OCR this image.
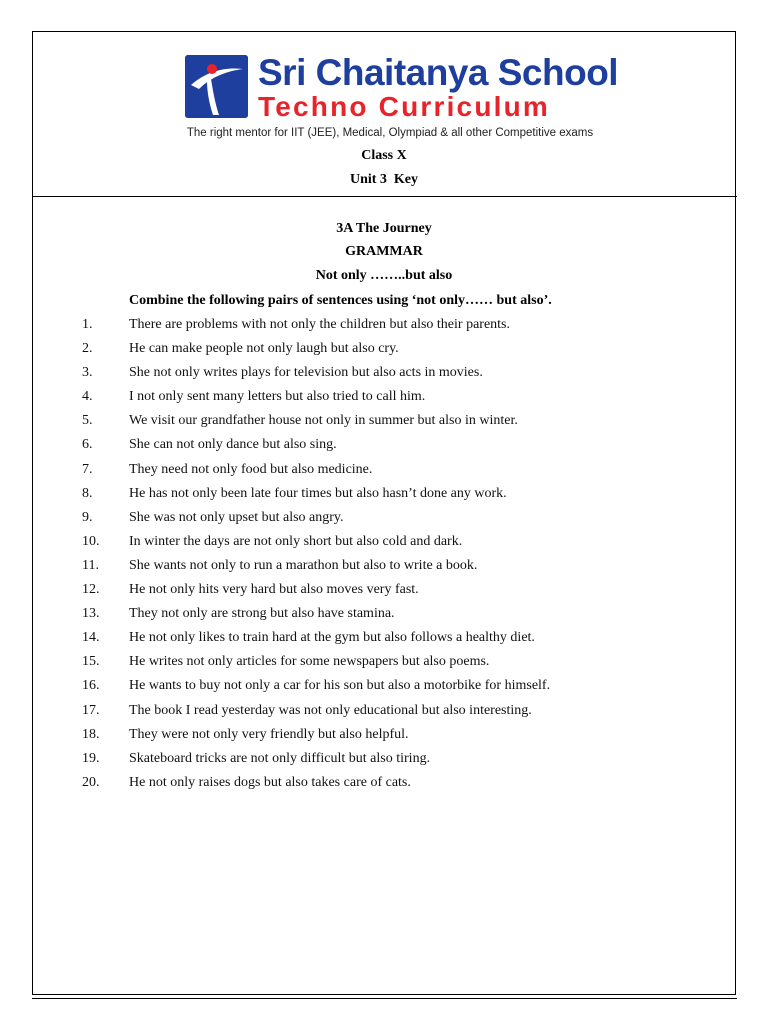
Sri Chaitanya School
Techno Curriculum
The right mentor for IIT (JEE), Medical, Olympiad & all other Competitive exams
Class X
Unit 3  Key
3A The Journey
GRAMMAR
Not only ……..but also
Combine the following pairs of sentences using ‘not only…… but also’.
1.	There are problems with not only the children but also their parents.
2.	He can make people not only laugh but also cry.
3.	She not only writes plays for television but also acts in movies.
4.	I not only sent many letters but also tried to call him.
5.	We visit our grandfather house not only in summer but also in winter.
6.	She can not only dance but also sing.
7.	They need not only food but also medicine.
8.	He has not only been late four times but also hasn’t done any work.
9.	She was not only upset but also angry.
10.	In winter the days are not only short but also cold and dark.
11.	She wants not only to run a marathon but also to write a book.
12.	He not only hits very hard but also moves very fast.
13.	They not only are strong but also have stamina.
14.	He not only likes to train hard at the gym but also follows a healthy diet.
15.	He writes not only articles for some newspapers but also poems.
16.	He wants to buy not only a car for his son but also a motorbike for himself.
17.	The book I read yesterday was not only educational but also interesting.
18.	They were not only very friendly but also helpful.
19.	Skateboard tricks are not only difficult but also tiring.
20.	He not only raises dogs but also takes care of cats.
